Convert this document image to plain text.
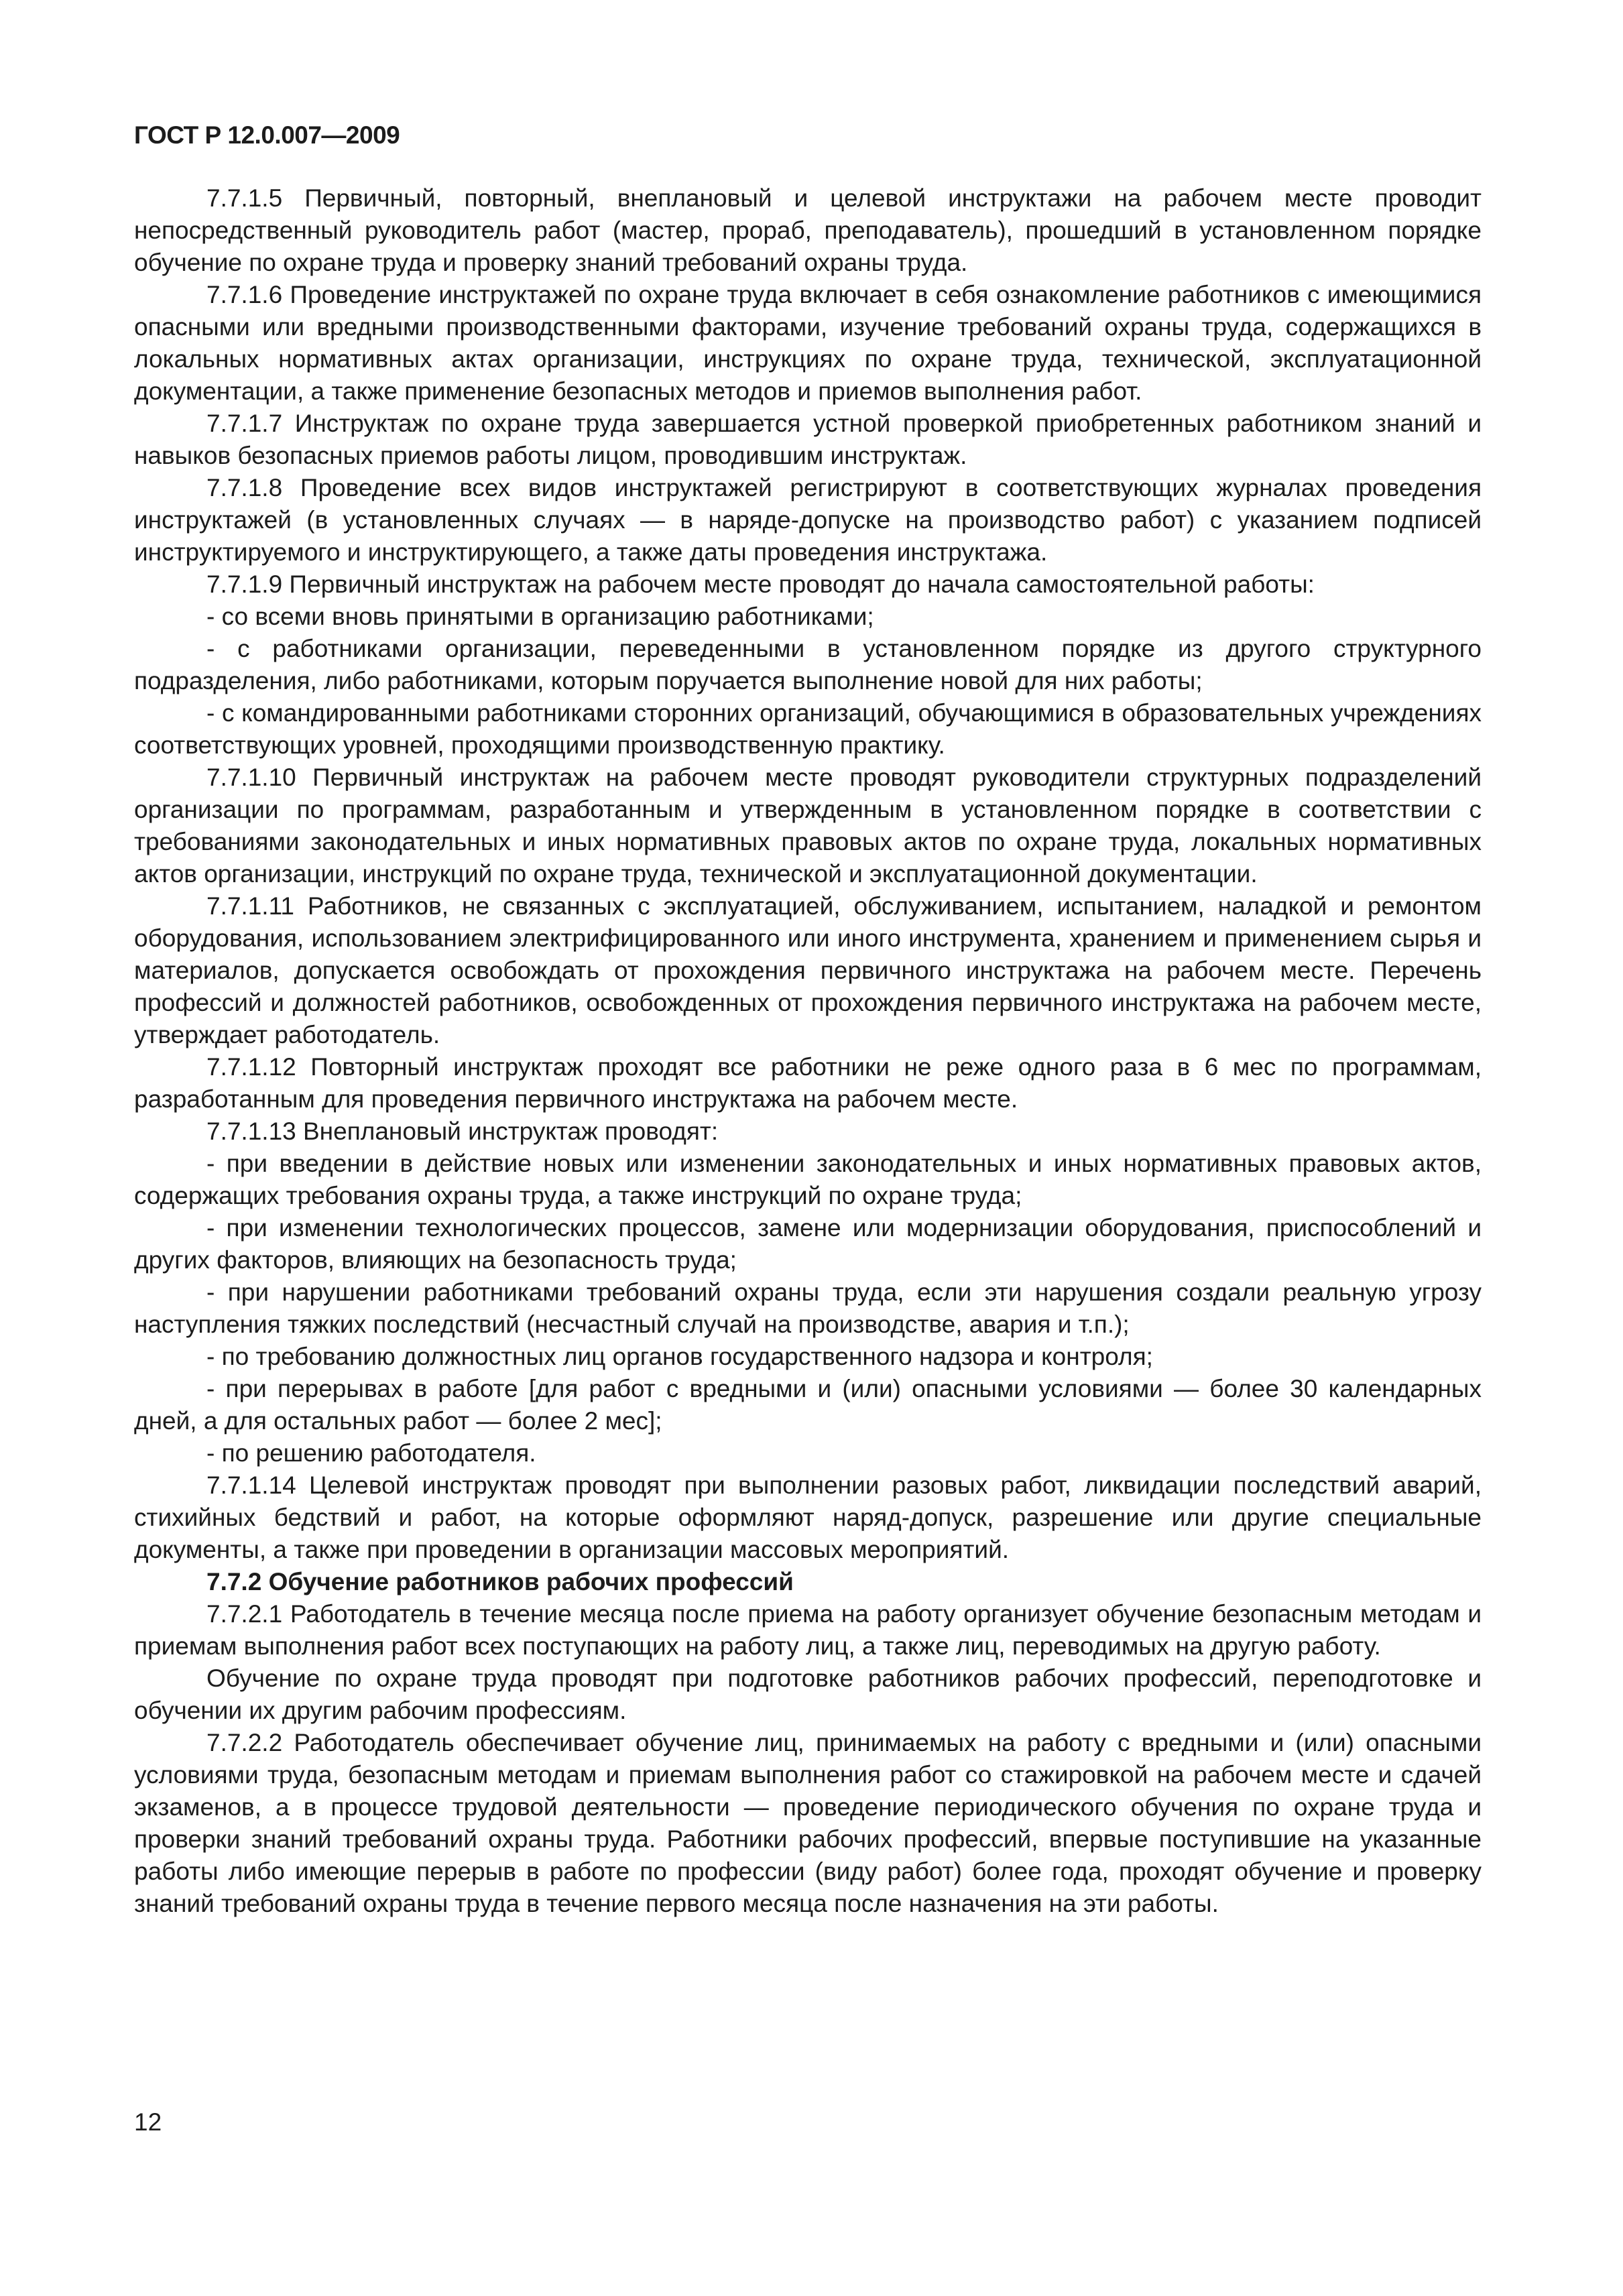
ГОСТ Р 12.0.007—2009

7.7.1.5 Первичный, повторный, внеплановый и целевой инструктажи на рабочем месте проводит непосредственный руководитель работ (мастер, прораб, преподаватель), прошедший в установленном порядке обучение по охране труда и проверку знаний требований охраны труда.

7.7.1.6 Проведение инструктажей по охране труда включает в себя ознакомление работников с имеющимися опасными или вредными производственными факторами, изучение требований охраны труда, содержащихся в локальных нормативных актах организации, инструкциях по охране труда, технической, эксплуатационной документации, а также применение безопасных методов и приемов выполнения работ.

7.7.1.7 Инструктаж по охране труда завершается устной проверкой приобретенных работником знаний и навыков безопасных приемов работы лицом, проводившим инструктаж.

7.7.1.8 Проведение всех видов инструктажей регистрируют в соответствующих журналах проведения инструктажей (в установленных случаях — в наряде-допуске на производство работ) с указанием подписей инструктируемого и инструктирующего, а также даты проведения инструктажа.

7.7.1.9 Первичный инструктаж на рабочем месте проводят до начала самостоятельной работы:

- со всеми вновь принятыми в организацию работниками;

- с работниками организации, переведенными в установленном порядке из другого структурного подразделения, либо работниками, которым поручается выполнение новой для них работы;

- с командированными работниками сторонних организаций, обучающимися в образовательных учреждениях соответствующих уровней, проходящими производственную практику.

7.7.1.10 Первичный инструктаж на рабочем месте проводят руководители структурных подразделений организации по программам, разработанным и утвержденным в установленном порядке в соответствии с требованиями законодательных и иных нормативных правовых актов по охране труда, локальных нормативных актов организации, инструкций по охране труда, технической и эксплуатационной документации.

7.7.1.11 Работников, не связанных с эксплуатацией, обслуживанием, испытанием, наладкой и ремонтом оборудования, использованием электрифицированного или иного инструмента, хранением и применением сырья и материалов, допускается освобождать от прохождения первичного инструктажа на рабочем месте. Перечень профессий и должностей работников, освобожденных от прохождения первичного инструктажа на рабочем месте, утверждает работодатель.

7.7.1.12 Повторный инструктаж проходят все работники не реже одного раза в 6 мес по программам, разработанным для проведения первичного инструктажа на рабочем месте.

7.7.1.13 Внеплановый инструктаж проводят:

- при введении в действие новых или изменении законодательных и иных нормативных правовых актов, содержащих требования охраны труда, а также инструкций по охране труда;

- при изменении технологических процессов, замене или модернизации оборудования, приспособлений и других факторов, влияющих на безопасность труда;

- при нарушении работниками требований охраны труда, если эти нарушения создали реальную угрозу наступления тяжких последствий (несчастный случай на производстве, авария и т.п.);

- по требованию должностных лиц органов государственного надзора и контроля;

- при перерывах в работе [для работ с вредными и (или) опасными условиями — более 30 календарных дней, а для остальных работ — более 2 мес];

- по решению работодателя.

7.7.1.14 Целевой инструктаж проводят при выполнении разовых работ, ликвидации последствий аварий, стихийных бедствий и работ, на которые оформляют наряд-допуск, разрешение или другие специальные документы, а также при проведении в организации массовых мероприятий.

7.7.2 Обучение работников рабочих профессий

7.7.2.1 Работодатель в течение месяца после приема на работу организует обучение безопасным методам и приемам выполнения работ всех поступающих на работу лиц, а также лиц, переводимых на другую работу.

Обучение по охране труда проводят при подготовке работников рабочих профессий, переподготовке и обучении их другим рабочим профессиям.

7.7.2.2 Работодатель обеспечивает обучение лиц, принимаемых на работу с вредными и (или) опасными условиями труда, безопасным методам и приемам выполнения работ со стажировкой на рабочем месте и сдачей экзаменов, а в процессе трудовой деятельности — проведение периодического обучения по охране труда и проверки знаний требований охраны труда. Работники рабочих профессий, впервые поступившие на указанные работы либо имеющие перерыв в работе по профессии (виду работ) более года, проходят обучение и проверку знаний требований охраны труда в течение первого месяца после назначения на эти работы.

12
